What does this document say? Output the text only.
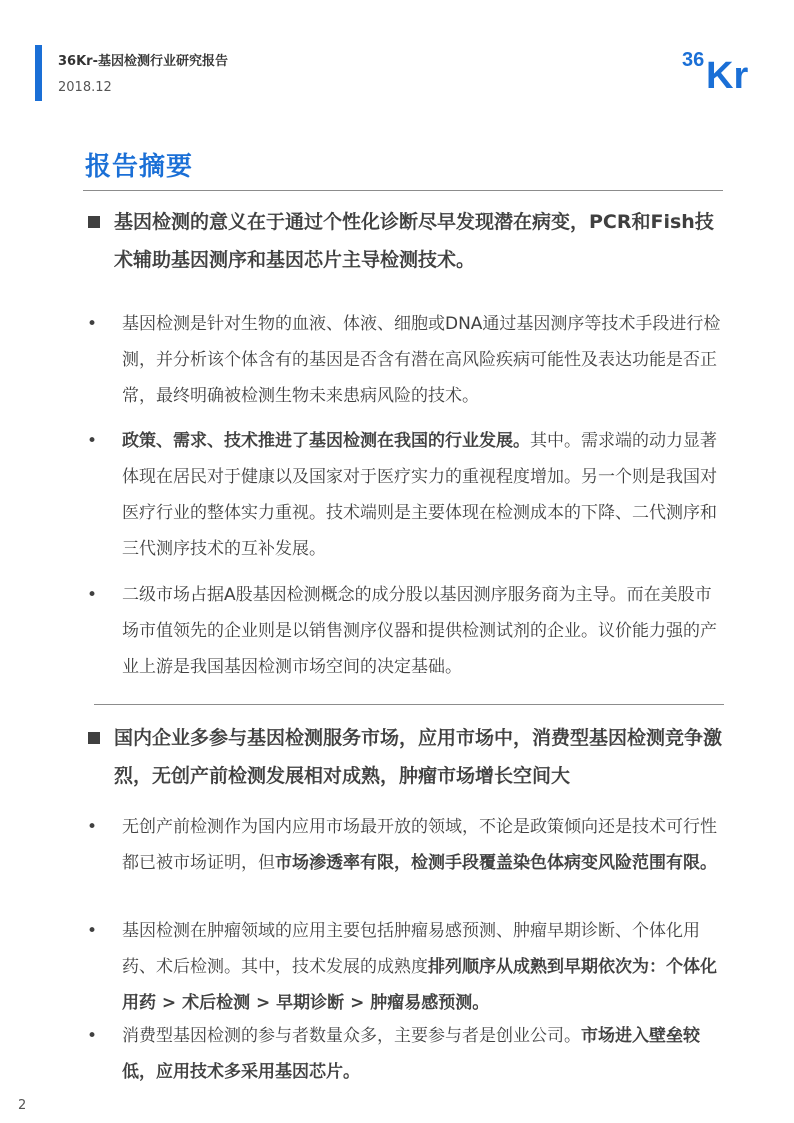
36Kr-基因检测行业研究报告
2018.12
36 Kr
报告摘要
基因检测的意义在于通过个性化诊断尽早发现潜在病变，PCR和Fish技术辅助基因测序和基因芯片主导检测技术。
•	基因检测是针对生物的血液、体液、细胞或DNA通过基因测序等技术手段进行检测，并分析该个体含有的基因是否含有潜在高风险疾病可能性及表达功能是否正常，最终明确被检测生物未来患病风险的技术。
•	政策、需求、技术推进了基因检测在我国的行业发展。其中。需求端的动力显著体现在居民对于健康以及国家对于医疗实力的重视程度增加。另一个则是我国对医疗行业的整体实力重视。技术端则是主要体现在检测成本的下降、二代测序和三代测序技术的互补发展。
•	二级市场占据A股基因检测概念的成分股以基因测序服务商为主导。而在美股市场市值领先的企业则是以销售测序仪器和提供检测试剂的企业。议价能力强的产业上游是我国基因检测市场空间的决定基础。
国内企业多参与基因检测服务市场，应用市场中，消费型基因检测竞争激烈，无创产前检测发展相对成熟，肿瘤市场增长空间大
•	无创产前检测作为国内应用市场最开放的领域，不论是政策倾向还是技术可行性都已被市场证明，但市场渗透率有限，检测手段覆盖染色体病变风险范围有限。
•	基因检测在肿瘤领域的应用主要包括肿瘤易感预测、肿瘤早期诊断、个体化用药、术后检测。其中，技术发展的成熟度排列顺序从成熟到早期依次为：个体化用药 > 术后检测 > 早期诊断 > 肿瘤易感预测。
•	消费型基因检测的参与者数量众多，主要参与者是创业公司。市场进入壁垒较低，应用技术多采用基因芯片。
2
